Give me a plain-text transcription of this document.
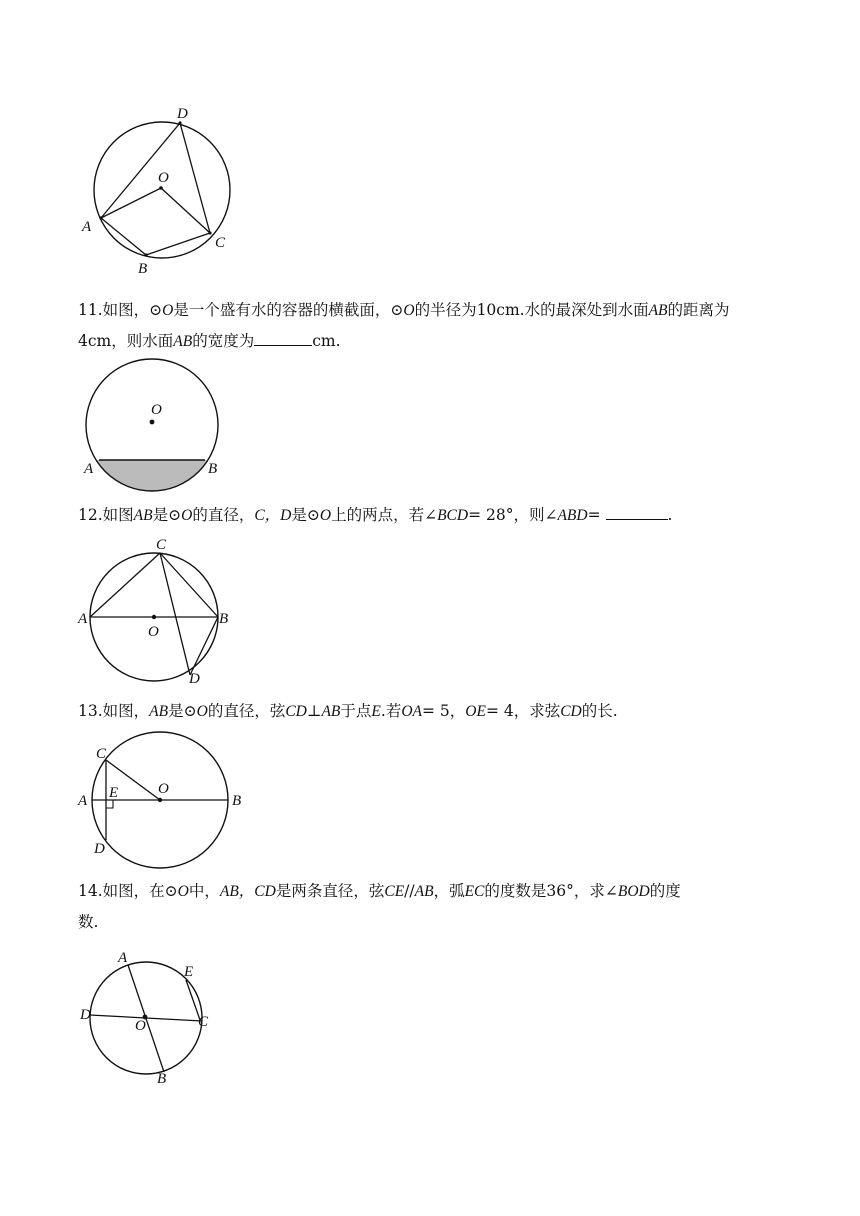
D
O
A
C
B

11.如图，⊙O是一个盛有水的容器的横截面，⊙O的半径为10cm.水的最深处到水面AB的距离为4cm，则水面AB的宽度为	cm.

O
A	B

12.如图AB是⊙O的直径，C，D是⊙O上的两点，若∠BCD= 28°，则∠ABD=	.

C
A	B
O
D

13.如图，AB是⊙O的直径，弦CD⊥AB于点E.若OA= 5，OE= 4，求弦CD的长.

C
A E	O
B
D

14.如图，在⊙O中，AB，CD是两条直径，弦CE//AB，弧EC的度数是36°，求∠BOD的度
数.

A
E
D
O	C
B
